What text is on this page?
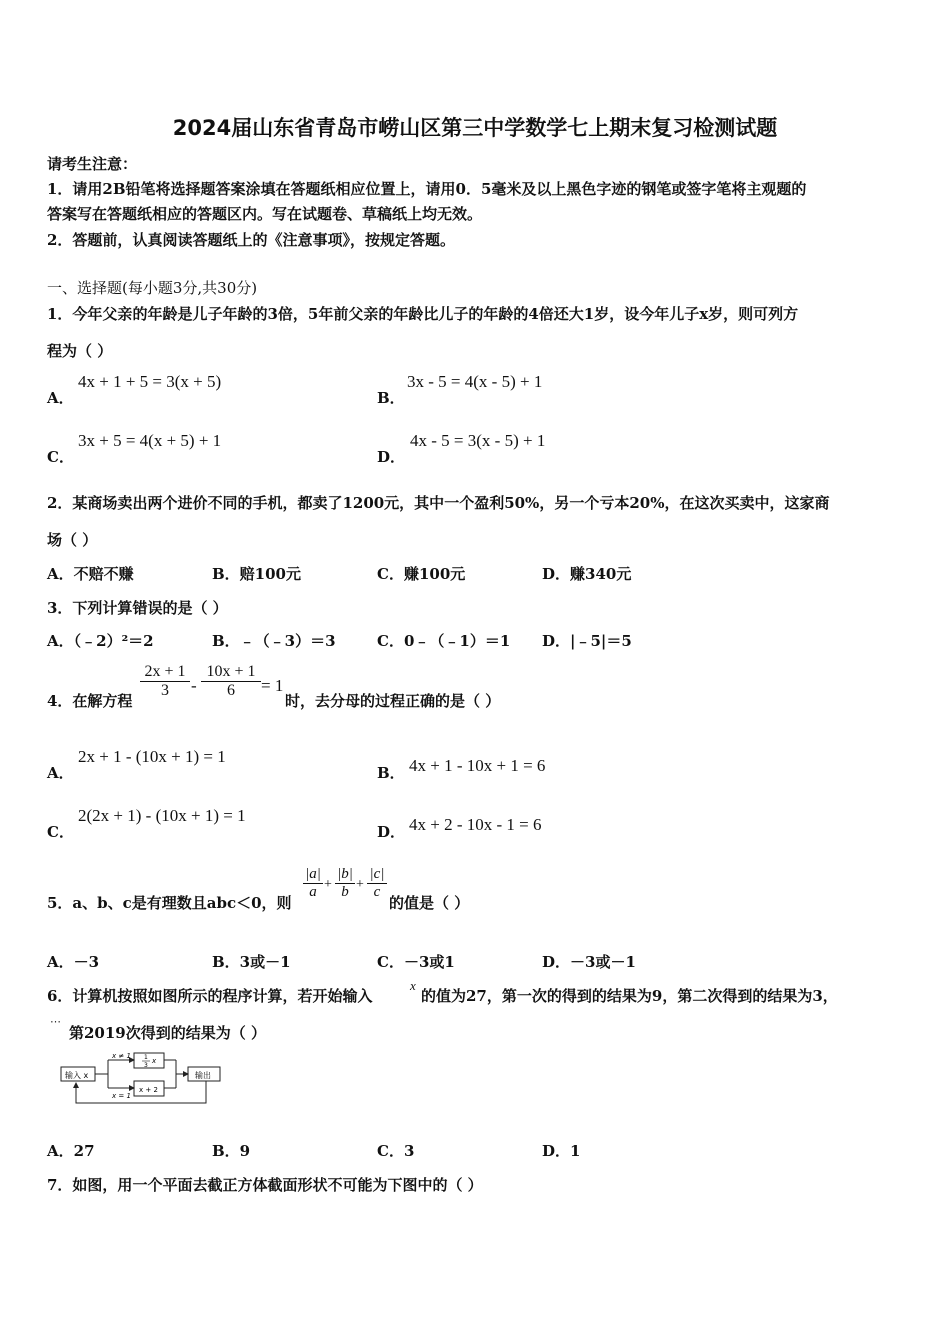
2024届山东省青岛市崂山区第三中学数学七上期末复习检测试题
请考生注意：
1．请用2B铅笔将选择题答案涂填在答题纸相应位置上，请用0．5毫米及以上黑色字迹的钢笔或签字笔将主观题的
答案写在答题纸相应的答题区内。写在试题卷、草稿纸上均无效。
2．答题前，认真阅读答题纸上的《注意事项》，按规定答题。
一、选择题(每小题3分,共30分)
1．今年父亲的年龄是儿子年龄的3倍，5年前父亲的年龄比儿子的年龄的4倍还大1岁，设今年儿子x岁，则可列方
程为（ ）
A．
4x + 1 + 5 = 3(x + 5)
B．
3x - 5 = 4(x - 5) + 1
C．
3x + 5 = 4(x + 5) + 1
D．
4x - 5 = 3(x - 5) + 1
2．某商场卖出两个进价不同的手机，都卖了1200元，其中一个盈利50%，另一个亏本20%，在这次买卖中，这家商
场（ ）
A．不赔不赚	B．赔100元	C．赚100元	D．赚340元
3．下列计算错误的是（ ）
A．（﹣2）²＝2	B．﹣（﹣3）＝3	C．0﹣（﹣1）＝1 D．|﹣5|＝5
4．在解方程
2x + 1
3	-
10x + 1
6	= 1
时，去分母的过程正确的是（ ）
A．
2x + 1 - (10x + 1) = 1
B． 4x + 1 - 10x + 1 = 6
C．
2(2x + 1) - (10x + 1) = 1
D． 4x + 2 - 10x - 1 = 6
5．a、b、c是有理数且abc＜0，则
$\frac{|a|}{a} + \frac{|b|}{b} + \frac{|c|}{c}$
的值是（ ）
A．－3	B．3或－1	C．－3或1	D．－3或－1
6．计算机按照如图所示的程序计算，若开始输入
x
的值为27，第一次的得到的结果为9，第二次得到的结果为3，
⋯
第2019次得到的结果为（ ）
输入 x
x ≠ 1 1
3
x
x + 2
输出
x = 1
A．27	B．9	C．3	D．1
7．如图，用一个平面去截正方体截面形状不可能为下图中的（ ）
